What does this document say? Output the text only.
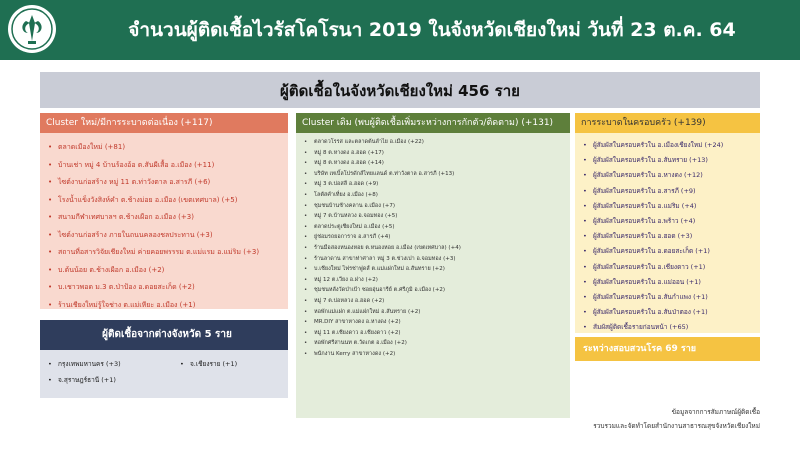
จำนวนผู้ติดเชื้อไวรัสโคโรนา 2019 ในจังหวัดเชียงใหม่ วันที่ 23 ต.ค. 64
ผู้ติดเชื้อในจังหวัดเชียงใหม่ 456 ราย
Cluster ใหม่/มีการระบาดต่อเนื่อง (+117)
• ตลาดเมืองใหม่ (+81)
• บ้านเช่า หมู่ 4 บ้านร้องอ้อ ต.สันผีเสื้อ อ.เมือง (+11)
• ไซต์งานก่อสร้าง หมู่ 11 ต.ท่าวังตาล อ.สารภี (+6)
• โรงน้ำแข็งวังสิงห์คำ ต.ช้างม่อย อ.เมือง (เขตเทศบาล) (+5)
• สนามกีฬาเทศบาลฯ ต.ช้างเผือก อ.เมือง (+3)
• ไซต์งานก่อสร้าง ภายในถนนคลองชลประทาน (+3)
• สถานที่อสารวิจัยเชียงใหม่ ค่ายคอยพรรรม ต.แม่แรม อ.แม่ริม (+3)
• บ.ต้นน้อย ต.ช้างเผือก อ.เมือง (+2)
• บ.เชาวพอด ม.3 ต.ป่าป้อง อ.ดอยสะเก็ด (+2)
• ร้านเชียงใหม่รู้ใจช่าง ต.แม่เหียะ อ.เมือง (+1)
Cluster เดิม (พบผู้ติดเชื้อเพิ่มระหว่างการกักตัว/ติดตาม) (+131)
• ตลาดวโรรส และตลาดต้นลำไย อ.เมือง (+22)
• หมู่ 8 ต.หางดง อ.ฮอด (+17)
• หมู่ 8 ต.หางดง อ.ฮอด (+14)
• บริษัท เทเบิ้ลโปรดักส์ไทยแลนด์ ต.ท่าวังตาล อ.สารภี (+13)
• หมู่ 3 ต.บ่อสลี อ.ฮอด (+9)
• โลตัสคำเที่ยง อ.เมือง (+8)
• ชุมชนบ้านช้างคลาน อ.เมือง (+7)
• หมู่ 7 ต.บ้านหลวง อ.จอมทอง (+5)
• ตลาดประตูเชียงใหม่ อ.เมือง (+5)
• ยู่ช่อมรถยอการาจ อ.สารภี (+4)
• ร้านมือสองหนองหอย ต.หนองหอย อ.เมือง (เขตเทศบาล) (+4)
• ร้านลาดาน สาขาท่าศาลา หมู่ 3 ต.ช่วงเปา อ.จอมทอง (+3)
• บ.เชียงใหม่ ไฟรช่าฟูดส์ ต.แม่แฝกใหม่ อ.สันทราย (+2)
• หมู่ 12 ต.เวียง อ.ฝาง (+2)
• ชุมชนหลังวัดป่าเป้า ซอยอุ่นอารีย์ ต.ศรีภูมิ อ.เมือง (+2)
• หมู่ 7 ต.บ่อหลวง อ.ฮอด (+2)
• หอพักแม่แฝก ต.แม่แฝกใหม่ อ.สันทราย (+2)
• MR.DIY สาขาหางดง อ.หางดง (+2)
• หมู่ 11 ต.เชียงดาว อ.เชียงดาว (+2)
• หอพักศรีสานนท ต.วัดเกต อ.เมือง (+2)
• พนักงาน Kerry สาขาหางดง (+2)
การระบาดในครอบครัว (+139)
• ผู้สัมผัสในครอบครัวใน อ.เมืองเชียงใหม่ (+24)
• ผู้สัมผัสในครอบครัวใน อ.สันทราย (+13)
• ผู้สัมผัสในครอบครัวใน อ.หางดง (+12)
• ผู้สัมผัสในครอบครัวใน อ.สารภี (+9)
• ผู้สัมผัสในครอบครัวใน อ.แม่ริม (+4)
• ผู้สัมผัสในครอบครัวใน อ.พร้าว (+4)
• ผู้สัมผัสในครอบครัวใน อ.ฮอด (+3)
• ผู้สัมผัสในครอบครัวใน อ.ดอยสะเก็ด (+1)
• ผู้สัมผัสในครอบครัวใน อ.เชียงดาว (+1)
• ผู้สัมผัสในครอบครัวใน อ.แม่ออน (+1)
• ผู้สัมผัสในครอบครัวใน อ.สันกำแพง (+1)
• ผู้สัมผัสในครอบครัวใน อ.สันป่าตอง (+1)
• สัมผัสผู้ติดเชื้อรายก่อนหน้า (+65)
ระหว่างสอบสวนโรค 69 ราย
ผู้ติดเชื้อจากต่างจังหวัด 5 ราย
• กรุงเทพมหานคร (+3)
• จ.สุราษฎร์ธานี (+1)
• จ.เชียงราย (+1)
ข้อมูลจากการสัมภาษณ์ผู้ติดเชื้อ
รวบรวมและจัดทำโดยสำนักงานสาธารณสุขจังหวัดเชียงใหม่
